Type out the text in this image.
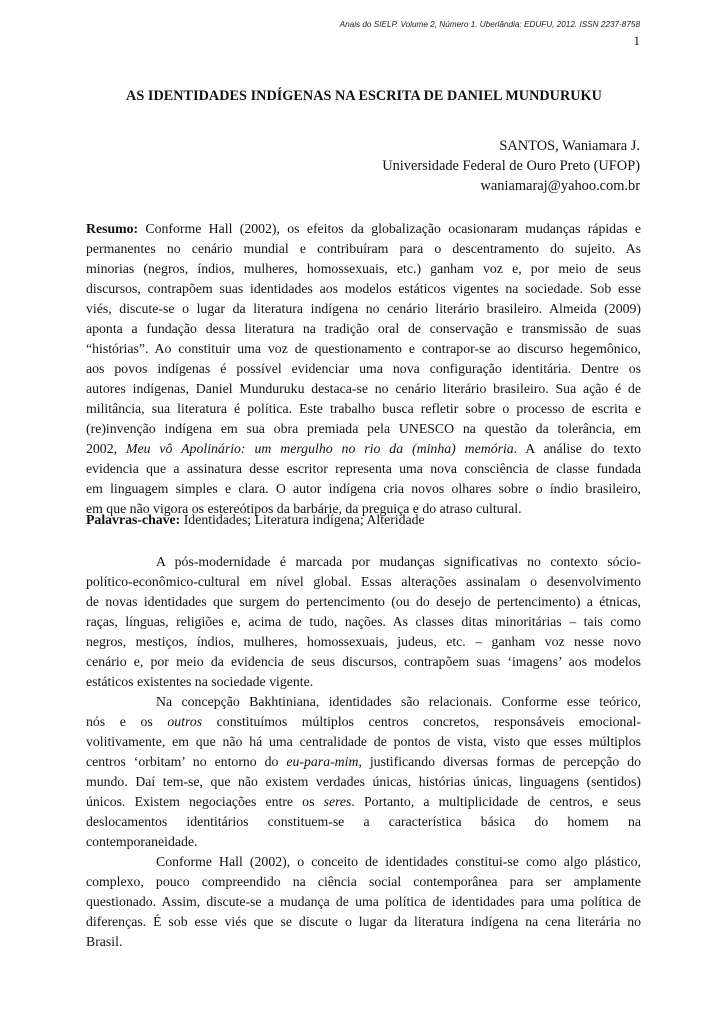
Anais do SIELP. Volume 2, Número 1. Uberlândia: EDUFU, 2012. ISSN 2237-8758
1
AS IDENTIDADES INDÍGENAS NA ESCRITA DE DANIEL MUNDURUKU
SANTOS, Waniamara J.
Universidade Federal de Ouro Preto (UFOP)
waniamaraj@yahoo.com.br
Resumo: Conforme Hall (2002), os efeitos da globalização ocasionaram mudanças rápidas e
permanentes no cenário mundial e contribuíram para o descentramento do sujeito. As
minorias (negros, índios, mulheres, homossexuais, etc.) ganham voz e, por meio de seus
discursos, contrapõem suas identidades aos modelos estáticos vigentes na sociedade. Sob esse
viés, discute-se o lugar da literatura indígena no cenário literário brasileiro. Almeida (2009)
aponta a fundação dessa literatura na tradição oral de conservação e transmissão de suas
“histórias”. Ao constituir uma voz de questionamento e contrapor-se ao discurso hegemônico,
aos povos indígenas é possível evidenciar uma nova configuração identitária. Dentre os
autores indígenas, Daniel Munduruku destaca-se no cenário literário brasileiro. Sua ação é de
militância, sua literatura é política. Este trabalho busca refletir sobre o processo de escrita e
(re)invenção indígena em sua obra premiada pela UNESCO na questão da tolerância, em
2002, Meu vô Apolinário: um mergulho no rio da (minha) memória. A análise do texto
evidencia que a assinatura desse escritor representa uma nova consciência de classe fundada
em linguagem simples e clara. O autor indígena cria novos olhares sobre o índio brasileiro,
em que não vigora os estereótipos da barbárie, da preguiça e do atraso cultural.
Palavras-chave: Identidades; Literatura indígena; Alteridade
A pós-modernidade é marcada por mudanças significativas no contexto sócio-
político-econômico-cultural em nível global. Essas alterações assinalam o desenvolvimento
de novas identidades que surgem do pertencimento (ou do desejo de pertencimento) a étnicas,
raças, línguas, religiões e, acima de tudo, nações. As classes ditas minoritárias – tais como
negros, mestiços, índios, mulheres, homossexuais, judeus, etc. – ganham voz nesse novo
cenário e, por meio da evidencia de seus discursos, contrapõem suas ‘imagens’ aos modelos
estáticos existentes na sociedade vigente.
Na concepção Bakhtiniana, identidades são relacionais. Conforme esse teórico,
nós e os outros constituímos múltiplos centros concretos, responsáveis emocional-
volitivamente, em que não há uma centralidade de pontos de vista, visto que esses múltiplos
centros ‘orbitam’ no entorno do eu-para-mim, justificando diversas formas de percepção do
mundo. Daí tem-se, que não existem verdades únicas, histórias únicas, linguagens (sentidos)
únicos. Existem negociações entre os seres. Portanto, a multiplicidade de centros, e seus
deslocamentos identitários constituem-se a característica básica do homem na
contemporaneidade.
Conforme Hall (2002), o conceito de identidades constitui-se como algo plástico,
complexo, pouco compreendido na ciência social contemporânea para ser amplamente
questionado. Assim, discute-se a mudança de uma política de identidades para uma política de
diferenças. É sob esse viés que se discute o lugar da literatura indígena na cena literária no
Brasil.
